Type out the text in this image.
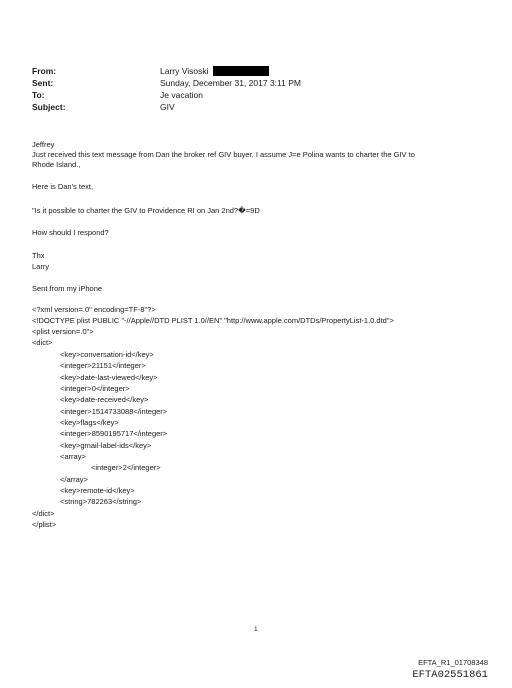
From:	Larry Visoski
Sent:	Sunday, December 31, 2017 3:11 PM
To:	Je vacation
Subject:	GIV
Jeffrey
Just received this text message from Dan the broker ref GIV buyer, I assume J=e Polina wants to charter the GIV to
Rhode Island.,
Here is Dan's text,
"Is it possible to charter the GIV to Providence RI on Jan 2nd?�=9D
How should I respond?
Thx
Larry
Sent from my iPhone
<?xml version=.0" encoding=TF-8"?>
<!DOCTYPE plist PUBLIC "-//Apple//DTD PLIST 1.0//EN" "http://www.apple.com/DTDs/PropertyList-1.0.dtd">
<plist version=.0">
<dict>
<key>conversation-id</key>
<integer>21151</integer>
<key>date-last-viewed</key>
<integer>0</integer>
<key>date-received</key>
<integer>1514733088</integer>
<key>flags</key>
<integer>8590195717</integer>
<key>gmail-label-ids</key>
<array>
<integer>2</integer>
</array>
<key>remote-id</key>
<string>782263</string>
</dict>
</plist>
1
EFTA_R1_01708348
EFTA02551861
